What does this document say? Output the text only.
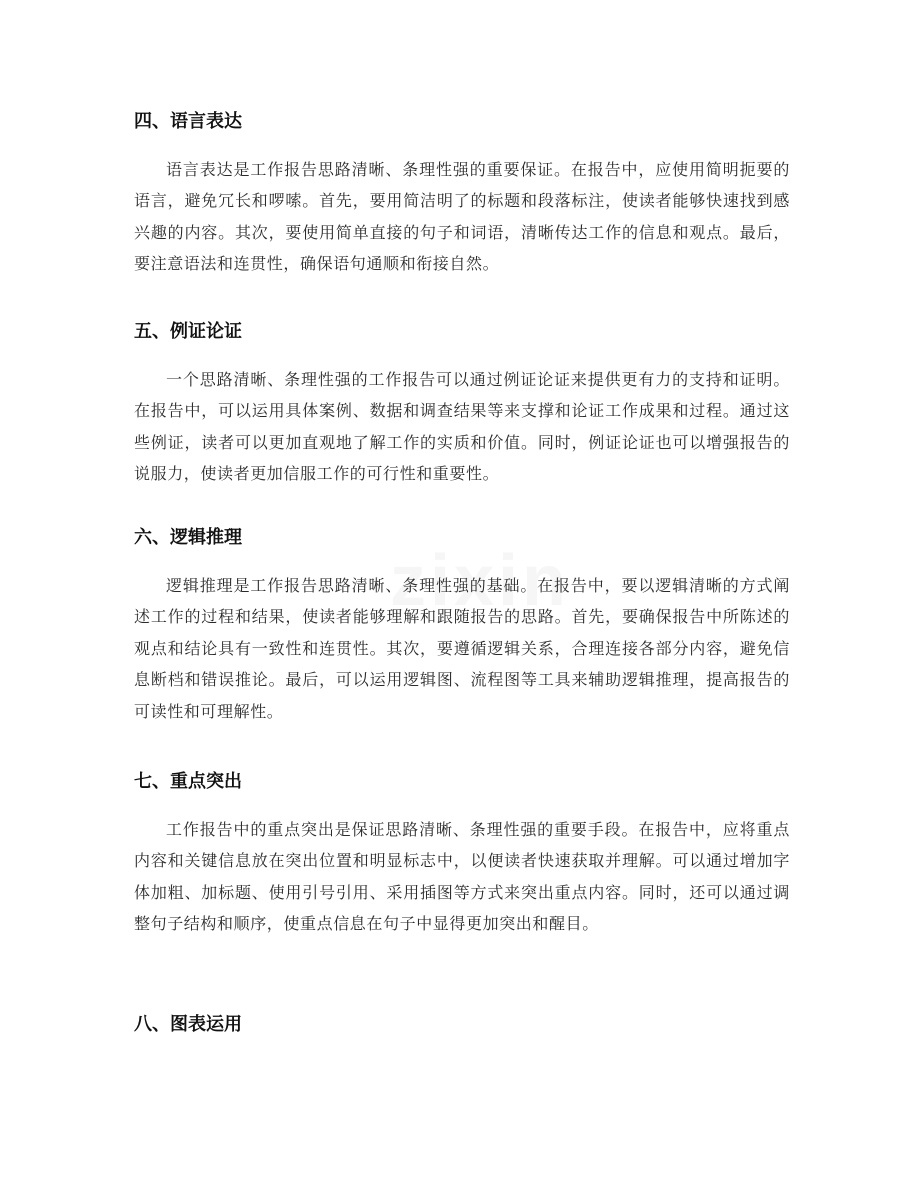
zixin
四、语言表达

语言表达是工作报告思路清晰、条理性强的重要保证。在报告中，应使用简明扼要的语言，避免冗长和啰嗦。首先，要用简洁明了的标题和段落标注，使读者能够快速找到感兴趣的内容。其次，要使用简单直接的句子和词语，清晰传达工作的信息和观点。最后，要注意语法和连贯性，确保语句通顺和衔接自然。

五、例证论证

一个思路清晰、条理性强的工作报告可以通过例证论证来提供更有力的支持和证明。在报告中，可以运用具体案例、数据和调查结果等来支撑和论证工作成果和过程。通过这些例证，读者可以更加直观地了解工作的实质和价值。同时，例证论证也可以增强报告的说服力，使读者更加信服工作的可行性和重要性。

六、逻辑推理

逻辑推理是工作报告思路清晰、条理性强的基础。在报告中，要以逻辑清晰的方式阐述工作的过程和结果，使读者能够理解和跟随报告的思路。首先，要确保报告中所陈述的观点和结论具有一致性和连贯性。其次，要遵循逻辑关系，合理连接各部分内容，避免信息断档和错误推论。最后，可以运用逻辑图、流程图等工具来辅助逻辑推理，提高报告的可读性和可理解性。

七、重点突出

工作报告中的重点突出是保证思路清晰、条理性强的重要手段。在报告中，应将重点内容和关键信息放在突出位置和明显标志中，以便读者快速获取并理解。可以通过增加字体加粗、加标题、使用引号引用、采用插图等方式来突出重点内容。同时，还可以通过调整句子结构和顺序，使重点信息在句子中显得更加突出和醒目。

八、图表运用
